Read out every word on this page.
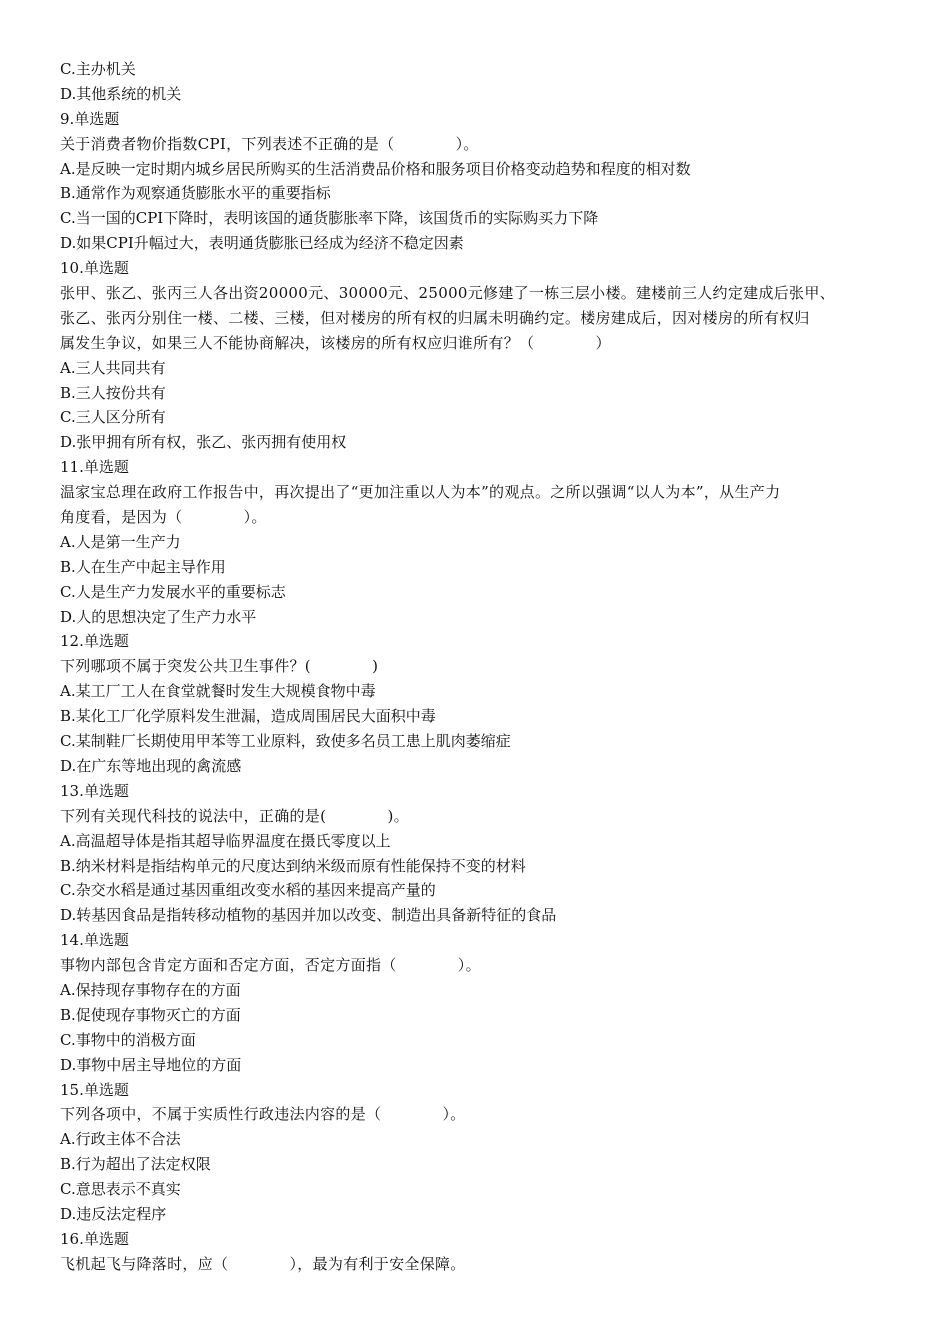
C.主办机关
D.其他系统的机关
9.单选题
关于消费者物价指数CPI，下列表述不正确的是（　　　　）。
A.是反映一定时期内城乡居民所购买的生活消费品价格和服务项目价格变动趋势和程度的相对数
B.通常作为观察通货膨胀水平的重要指标
C.当一国的CPI下降时，表明该国的通货膨胀率下降，该国货币的实际购买力下降
D.如果CPI升幅过大，表明通货膨胀已经成为经济不稳定因素
10.单选题
张甲、张乙、张丙三人各出资20000元、30000元、25000元修建了一栋三层小楼。建楼前三人约定建成后张甲、
张乙、张丙分别住一楼、二楼、三楼，但对楼房的所有权的归属未明确约定。楼房建成后，因对楼房的所有权归
属发生争议，如果三人不能协商解决，该楼房的所有权应归谁所有？（　　　　）
A.三人共同共有
B.三人按份共有
C.三人区分所有
D.张甲拥有所有权，张乙、张丙拥有使用权
11.单选题
温家宝总理在政府工作报告中，再次提出了“更加注重以人为本”的观点。之所以强调“以人为本”，从生产力
角度看，是因为（　　　　）。
A.人是第一生产力
B.人在生产中起主导作用
C.人是生产力发展水平的重要标志
D.人的思想决定了生产力水平
12.单选题
下列哪项不属于突发公共卫生事件？(　　　　)
A.某工厂工人在食堂就餐时发生大规模食物中毒
B.某化工厂化学原料发生泄漏，造成周围居民大面积中毒
C.某制鞋厂长期使用甲苯等工业原料，致使多名员工患上肌肉萎缩症
D.在广东等地出现的禽流感
13.单选题
下列有关现代科技的说法中，正确的是(　　　　)。
A.高温超导体是指其超导临界温度在摄氏零度以上
B.纳米材料是指结构单元的尺度达到纳米级而原有性能保持不变的材料
C.杂交水稻是通过基因重组改变水稻的基因来提高产量的
D.转基因食品是指转移动植物的基因并加以改变、制造出具备新特征的食品
14.单选题
事物内部包含肯定方面和否定方面，否定方面指（　　　　）。
A.保持现存事物存在的方面
B.促使现存事物灭亡的方面
C.事物中的消极方面
D.事物中居主导地位的方面
15.单选题
下列各项中，不属于实质性行政违法内容的是（　　　　）。
A.行政主体不合法
B.行为超出了法定权限
C.意思表示不真实
D.违反法定程序
16.单选题
飞机起飞与降落时，应（　　　　），最为有利于安全保障。
